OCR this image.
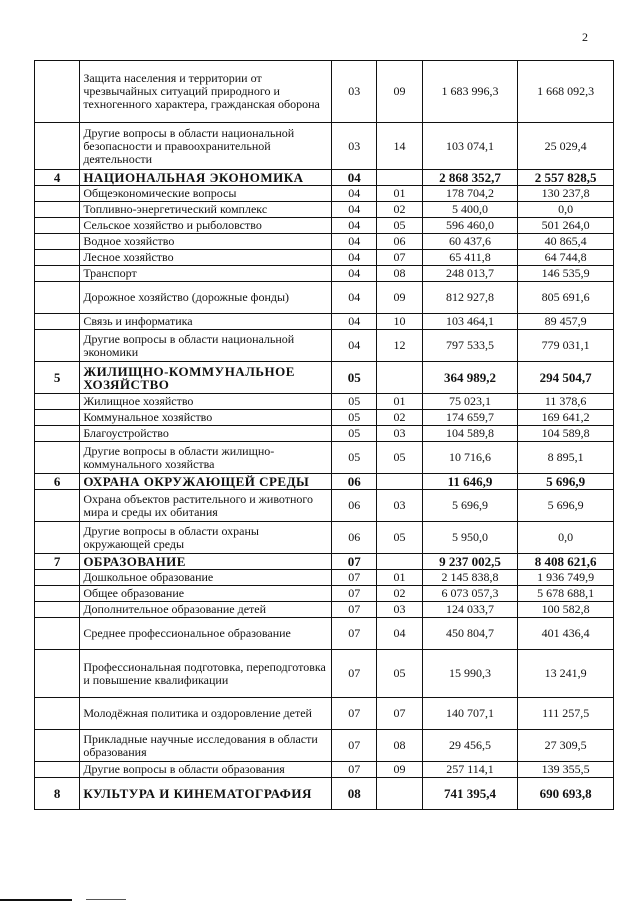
2
	Защита населения и территории от чрезвычайных ситуаций природного и техногенного характера, гражданская оборона	03	09	1 683 996,3	1 668 092,3
	Другие вопросы в области национальной безопасности и правоохранительной деятельности	03	14	103 074,1	25 029,4
4	НАЦИОНАЛЬНАЯ ЭКОНОМИКА	04		2 868 352,7	2 557 828,5
	Общеэкономические вопросы	04	01	178 704,2	130 237,8
	Топливно-энергетический комплекс	04	02	5 400,0	0,0
	Сельское хозяйство и рыболовство	04	05	596 460,0	501 264,0
	Водное хозяйство	04	06	60 437,6	40 865,4
	Лесное хозяйство	04	07	65 411,8	64 744,8
	Транспорт	04	08	248 013,7	146 535,9
	Дорожное хозяйство (дорожные фонды)	04	09	812 927,8	805 691,6
	Связь и информатика	04	10	103 464,1	89 457,9
	Другие вопросы в области национальной экономики	04	12	797 533,5	779 031,1
5	ЖИЛИЩНО-КОММУНАЛЬНОЕ ХОЗЯЙСТВО	05		364 989,2	294 504,7
	Жилищное хозяйство	05	01	75 023,1	11 378,6
	Коммунальное хозяйство	05	02	174 659,7	169 641,2
	Благоустройство	05	03	104 589,8	104 589,8
	Другие вопросы в области жилищно-коммунального хозяйства	05	05	10 716,6	8 895,1
6	ОХРАНА ОКРУЖАЮЩЕЙ СРЕДЫ	06		11 646,9	5 696,9
	Охрана объектов растительного и животного мира и среды их обитания	06	03	5 696,9	5 696,9
	Другие вопросы в области охраны окружающей среды	06	05	5 950,0	0,0
7	ОБРАЗОВАНИЕ	07		9 237 002,5	8 408 621,6
	Дошкольное образование	07	01	2 145 838,8	1 936 749,9
	Общее образование	07	02	6 073 057,3	5 678 688,1
	Дополнительное образование детей	07	03	124 033,7	100 582,8
	Среднее профессиональное образование	07	04	450 804,7	401 436,4
	Профессиональная подготовка, переподготовка и повышение квалификации	07	05	15 990,3	13 241,9
	Молодёжная политика и оздоровление детей	07	07	140 707,1	111 257,5
	Прикладные научные исследования в области образования	07	08	29 456,5	27 309,5
	Другие вопросы в области образования	07	09	257 114,1	139 355,5
8	КУЛЬТУРА И КИНЕМАТОГРАФИЯ	08		741 395,4	690 693,8
